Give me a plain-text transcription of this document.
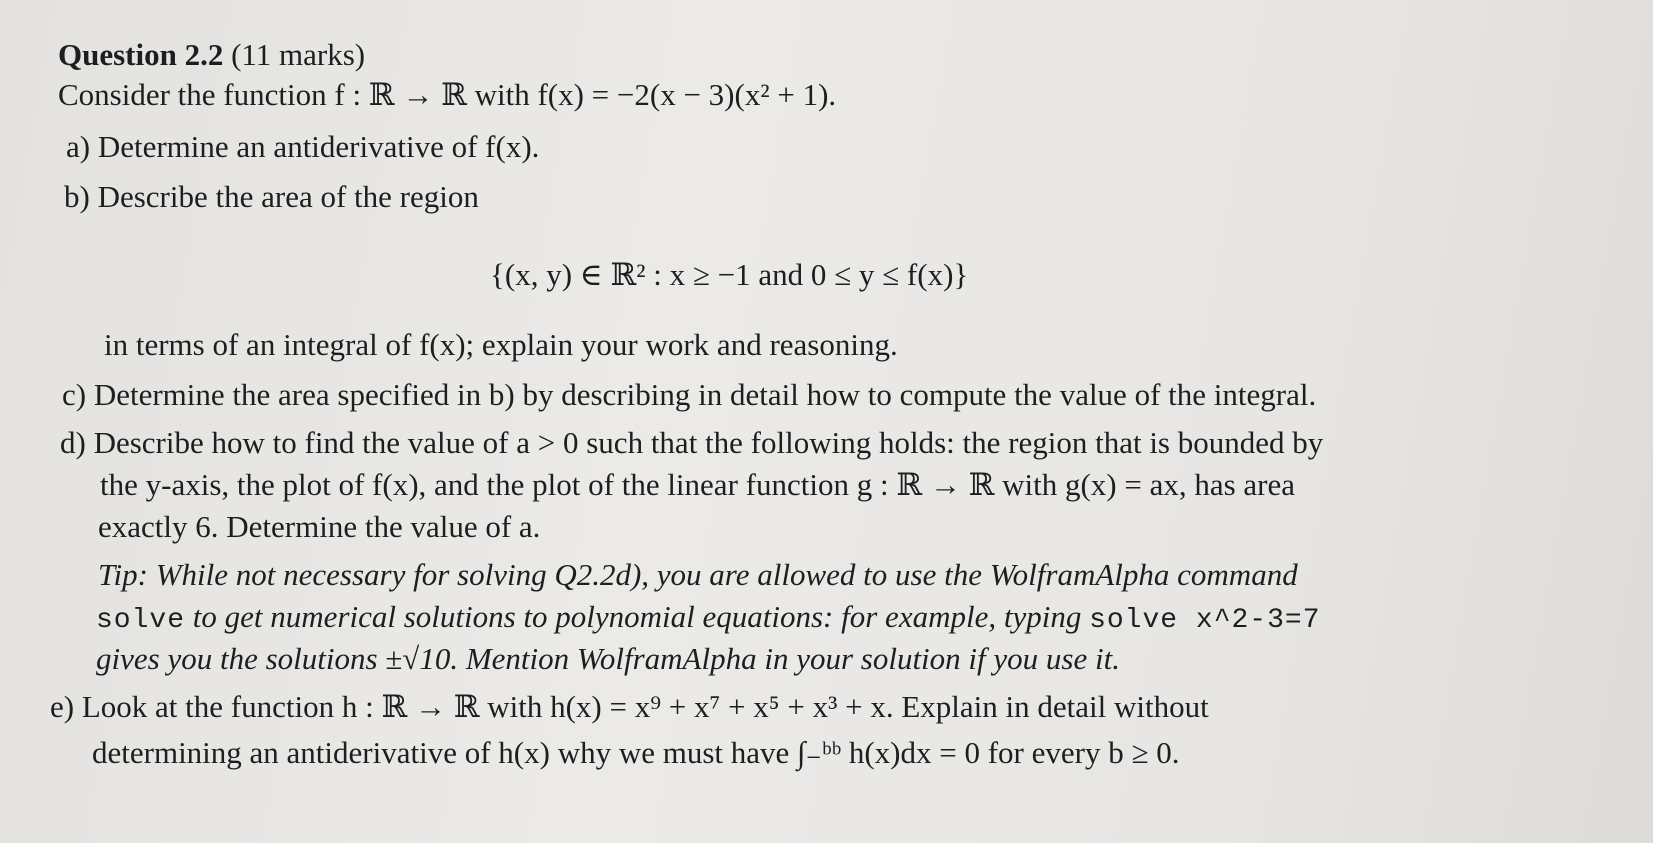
Question 2.2 (11 marks)
Consider the function f : ℝ → ℝ with f(x) = −2(x − 3)(x² + 1).
a) Determine an antiderivative of f(x).
b) Describe the area of the region
{(x, y) ∈ ℝ² : x ≥ −1 and 0 ≤ y ≤ f(x)}
in terms of an integral of f(x); explain your work and reasoning.
c) Determine the area specified in b) by describing in detail how to compute the value of the integral.
d) Describe how to find the value of a > 0 such that the following holds: the region that is bounded by
the y-axis, the plot of f(x), and the plot of the linear function g : ℝ → ℝ with g(x) = ax, has area
exactly 6. Determine the value of a.
Tip: While not necessary for solving Q2.2d), you are allowed to use the WolframAlpha command
solve to get numerical solutions to polynomial equations: for example, typing solve x^2-3=7
gives you the solutions ±√10. Mention WolframAlpha in your solution if you use it.
e) Look at the function h : ℝ → ℝ with h(x) = x⁹ + x⁷ + x⁵ + x³ + x. Explain in detail without
determining an antiderivative of h(x) why we must have ∫₋ᵇᵇ h(x)dx = 0 for every b ≥ 0.
